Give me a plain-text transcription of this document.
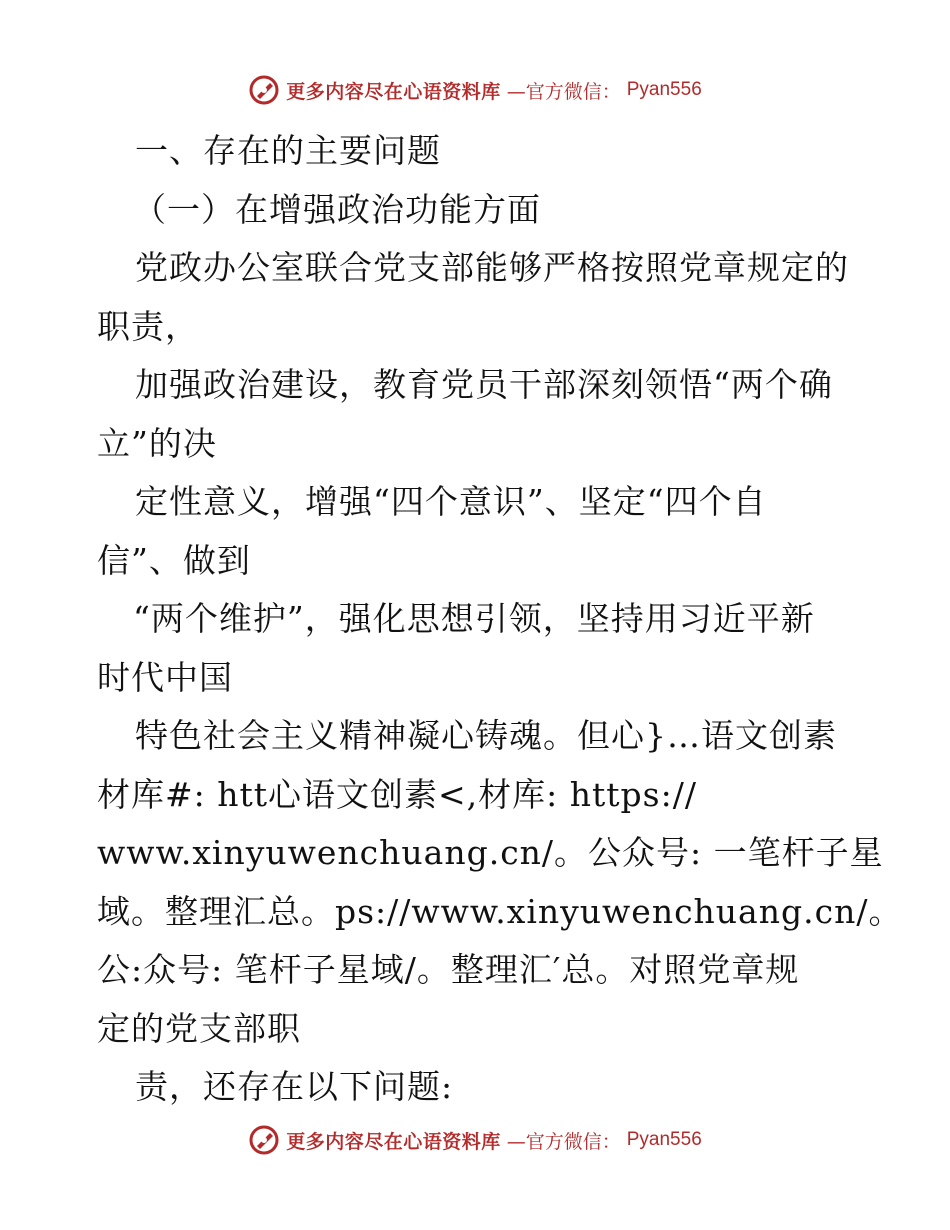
更多内容尽在心语资料库 —官方微信： Pyan556
一、存在的主要问题
（一）在增强政治功能方面
党政办公室联合党支部能够严格按照党章规定的
职责，
加强政治建设，教育党员干部深刻领悟“两个确
立”的决
定性意义，增强“四个意识”、坚定“四个自
信”、做到
“两个维护”，强化思想引领，坚持用习近平新
时代中国
特色社会主义精神凝心铸魂。但心}…语文创素
材库#: htt心语文创素<,材库: https://
www.xinyuwenchuang.cn/。公众号: 一笔杆子星
域。整理汇总。ps://www.xinyuwenchuang.cn/。
公:众号: 笔杆子星域/。整理汇′总。对照党章规
定的党支部职
责，还存在以下问题:
更多内容尽在心语资料库 —官方微信： Pyan556
